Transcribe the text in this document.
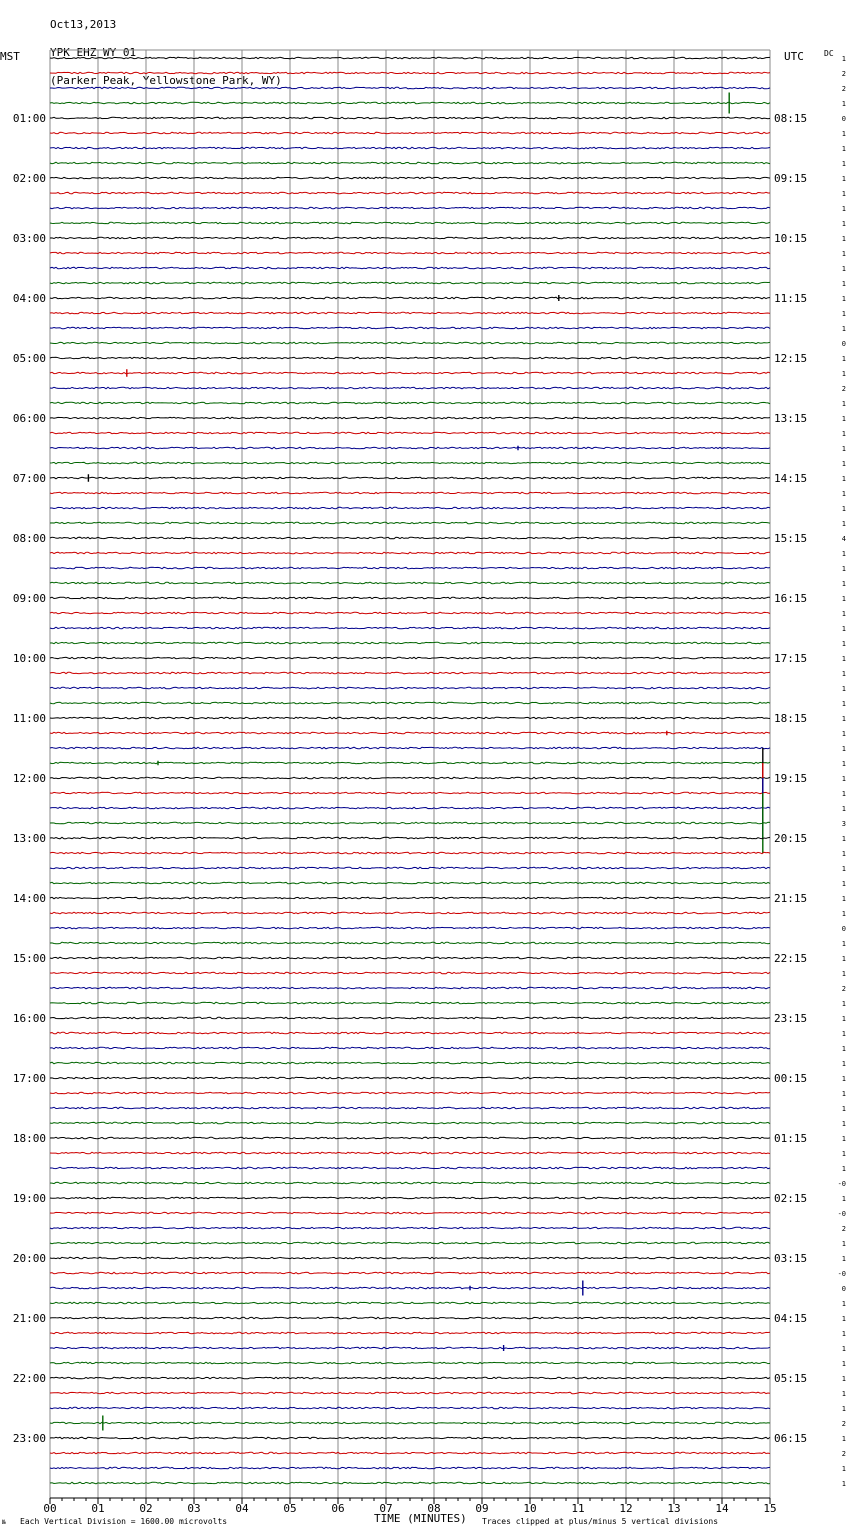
Oct13,2013

YPK EHZ WY 01

(Parker Peak, Yellowstone Park, WY)

1
2
2
1
0
1
1
1
1
1
1
1
1
1
1
1
1
1
1
0
1
1
2
1
1
1
1
1
1
1
1
1
4
1
1
1
1
1
1
1
1
1
1
1
1
1
1
1
1
1
1
3
1
1
1
1
1
1
0
1
1
1
2
1
1
1
1
1
1
1
1
1
1
1
1
-0
1
-0
2
1
1
-0
0
1
1
1
1
1
1
1
1
2
1
2
1
1
01:00	08:15
02:00	09:15
03:00	10:15
04:00	11:15
05:00	12:15
06:00	13:15
07:00	14:15
08:00	15:15
09:00	16:15
10:00	17:15
11:00	18:15
12:00	19:15
13:00	20:15
14:00	21:15
15:00	22:15
16:00	23:15
17:00	00:15
18:00	01:15
19:00	02:15
20:00	03:15
21:00	04:15
22:00	05:15
23:00	06:15
00	01	02	03	04	05	06	07	08	09	10	11	12	13	14	15
MST	UTC	DC
№ Each Vertical Division = 1600.00 microvolts	TIME (MINUTES) Traces clipped at plus/minus 5 vertical divisions
